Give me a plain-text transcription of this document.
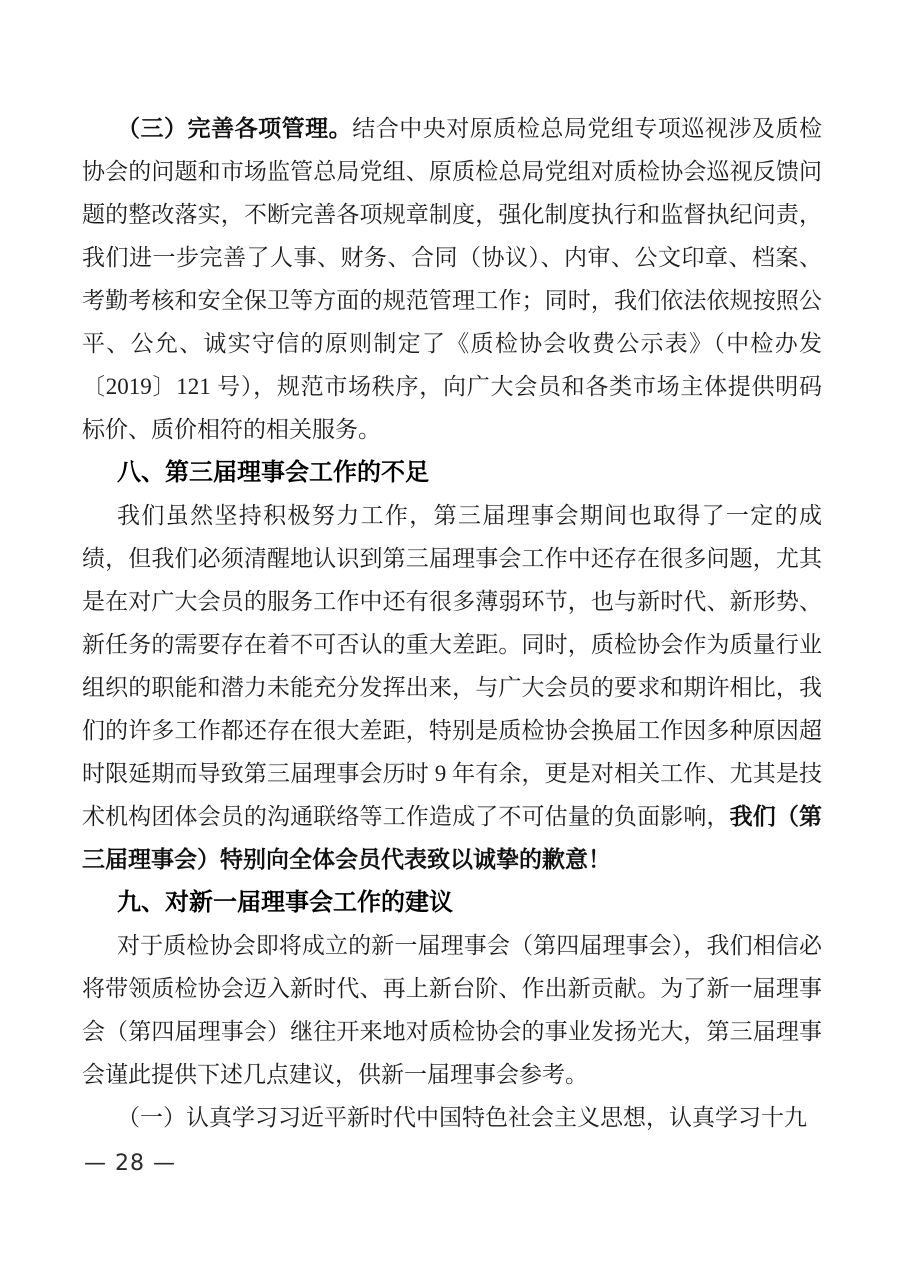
（三）完善各项管理。结合中央对原质检总局党组专项巡视涉及质检协会的问题和市场监管总局党组、原质检总局党组对质检协会巡视反馈问题的整改落实，不断完善各项规章制度，强化制度执行和监督执纪问责，我们进一步完善了人事、财务、合同（协议）、内审、公文印章、档案、考勤考核和安全保卫等方面的规范管理工作；同时，我们依法依规按照公平、公允、诚实守信的原则制定了《质检协会收费公示表》（中检办发〔2019〕121 号），规范市场秩序，向广大会员和各类市场主体提供明码标价、质价相符的相关服务。

八、第三届理事会工作的不足

我们虽然坚持积极努力工作，第三届理事会期间也取得了一定的成绩，但我们必须清醒地认识到第三届理事会工作中还存在很多问题，尤其是在对广大会员的服务工作中还有很多薄弱环节，也与新时代、新形势、新任务的需要存在着不可否认的重大差距。同时，质检协会作为质量行业组织的职能和潜力未能充分发挥出来，与广大会员的要求和期许相比，我们的许多工作都还存在很大差距，特别是质检协会换届工作因多种原因超时限延期而导致第三届理事会历时 9 年有余，更是对相关工作、尤其是技术机构团体会员的沟通联络等工作造成了不可估量的负面影响，我们（第三届理事会）特别向全体会员代表致以诚挚的歉意！

九、对新一届理事会工作的建议

对于质检协会即将成立的新一届理事会（第四届理事会），我们相信必将带领质检协会迈入新时代、再上新台阶、作出新贡献。为了新一届理事会（第四届理事会）继往开来地对质检协会的事业发扬光大，第三届理事会谨此提供下述几点建议，供新一届理事会参考。

（一）认真学习习近平新时代中国特色社会主义思想，认真学习十九

— 28 —
